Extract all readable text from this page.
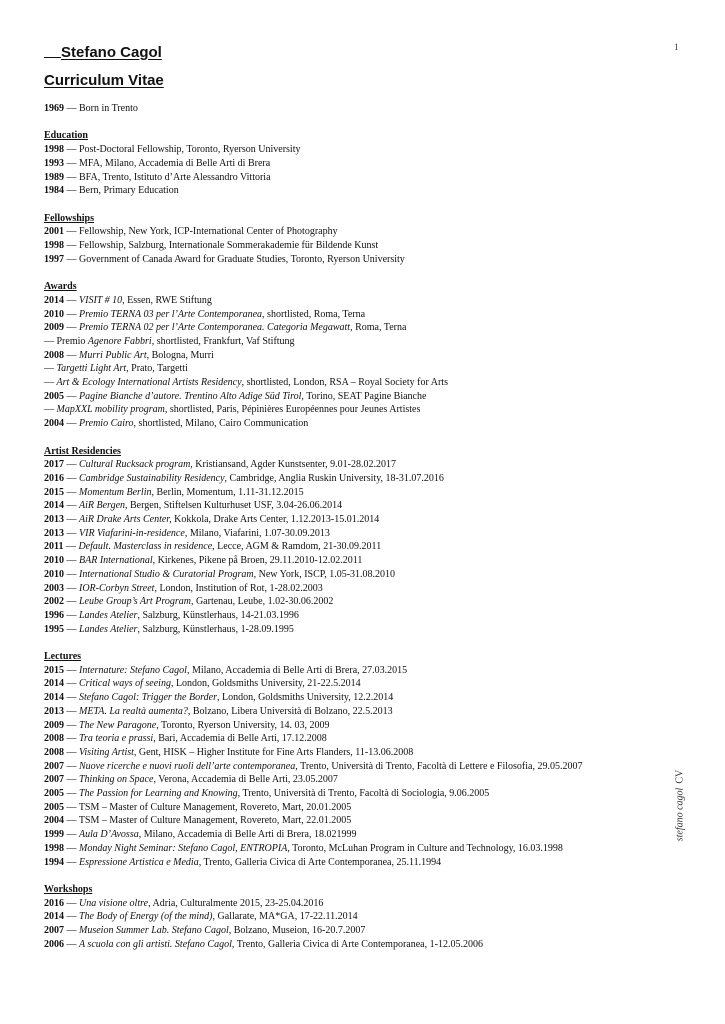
1
Stefano Cagol
Curriculum Vitae
1969 — Born in Trento
Education
1998 — Post-Doctoral Fellowship, Toronto, Ryerson University
1993 — MFA, Milano, Accademia di Belle Arti di Brera
1989 — BFA, Trento, Istituto d’Arte Alessandro Vittoria
1984 — Bern, Primary Education
Fellowships
2001 — Fellowship, New York, ICP-International Center of Photography
1998 — Fellowship, Salzburg, Internationale Sommerakademie für Bildende Kunst
1997 — Government of Canada Award for Graduate Studies, Toronto, Ryerson University
Awards
2014 — VISIT # 10, Essen, RWE Stiftung
2010 — Premio TERNA 03 per l’Arte Contemporanea, shortlisted, Roma, Terna
2009 — Premio TERNA 02 per l’Arte Contemporanea. Categoria Megawatt, Roma, Terna
— Premio Agenore Fabbri, shortlisted, Frankfurt, Vaf Stiftung
2008 — Murri Public Art, Bologna, Murri
— Targetti Light Art, Prato, Targetti
— Art & Ecology International Artists Residency, shortlisted, London, RSA – Royal Society for Arts
2005 — Pagine Bianche d’autore. Trentino Alto Adige Süd Tirol, Torino, SEAT Pagine Bianche
— MapXXL mobility program, shortlisted, Paris, Pépinières Européennes pour Jeunes Artistes
2004 — Premio Cairo, shortlisted, Milano, Cairo Communication
Artist Residencies
2017 — Cultural Rucksack program, Kristiansand, Agder Kunstsenter, 9.01-28.02.2017
2016 — Cambridge Sustainability Residency, Cambridge, Anglia Ruskin University, 18-31.07.2016
2015 — Momentum Berlin, Berlin, Momentum, 1.11-31.12.2015
2014 — AiR Bergen, Bergen, Stiftelsen Kulturhuset USF, 3.04-26.06.2014
2013 — AiR Drake Arts Center, Kokkola, Drake Arts Center, 1.12.2013-15.01.2014
2013 — VIR Viafarini-in-residence, Milano, Viafarini, 1.07-30.09.2013
2011 — Default. Masterclass in residence, Lecce, AGM & Ramdom, 21-30.09.2011
2010 — BAR International, Kirkenes, Pikene på Broen, 29.11.2010-12.02.2011
2010 — International Studio & Curatorial Program, New York, ISCP, 1.05-31.08.2010
2003 — IOR-Corbyn Street, London, Institution of Rot, 1-28.02.2003
2002 — Leube Group’s Art Program, Gartenau, Leube, 1.02-30.06.2002
1996 — Landes Atelier, Salzburg, Künstlerhaus, 14-21.03.1996
1995 — Landes Atelier, Salzburg, Künstlerhaus, 1-28.09.1995
Lectures
2015 — Internature: Stefano Cagol, Milano, Accademia di Belle Arti di Brera, 27.03.2015
2014 — Critical ways of seeing, London, Goldsmiths University, 21-22.5.2014
2014 — Stefano Cagol: Trigger the Border, London, Goldsmiths University, 12.2.2014
2013 — META. La realtà aumenta?, Bolzano, Libera Università di Bolzano, 22.5.2013
2009 — The New Paragone, Toronto, Ryerson University, 14. 03, 2009
2008 — Tra teoria e prassi, Bari, Accademia di Belle Arti, 17.12.2008
2008 — Visiting Artist, Gent, HISK – Higher Institute for Fine Arts Flanders, 11-13.06.2008
2007 — Nuove ricerche e nuovi ruoli dell’arte contemporanea, Trento, Università di Trento, Facoltà di Lettere e Filosofia, 29.05.2007
2007 — Thinking on Space, Verona, Accademia di Belle Arti, 23.05.2007
2005 — The Passion for Learning and Knowing, Trento, Università di Trento, Facoltà di Sociologia, 9.06.2005
2005 — TSM – Master of Culture Management, Rovereto, Mart, 20.01.2005
2004 — TSM – Master of Culture Management, Rovereto, Mart, 22.01.2005
1999 — Aula D’Avossa, Milano, Accademia di Belle Arti di Brera, 18.021999
1998 — Monday Night Seminar: Stefano Cagol, ENTROPIA, Toronto, McLuhan Program in Culture and Technology, 16.03.1998
1994 — Espressione Artistica e Media, Trento, Galleria Civica di Arte Contemporanea, 25.11.1994
Workshops
2016 — Una visione oltre, Adria, Culturalmente 2015, 23-25.04.2016
2014 — The Body of Energy (of the mind), Gallarate, MA*GA, 17-22.11.2014
2007 — Museion Summer Lab. Stefano Cagol, Bolzano, Museion, 16-20.7.2007
2006 — A scuola con gli artisti. Stefano Cagol, Trento, Galleria Civica di Arte Contemporanea, 1-12.05.2006
stefano cagolCV
